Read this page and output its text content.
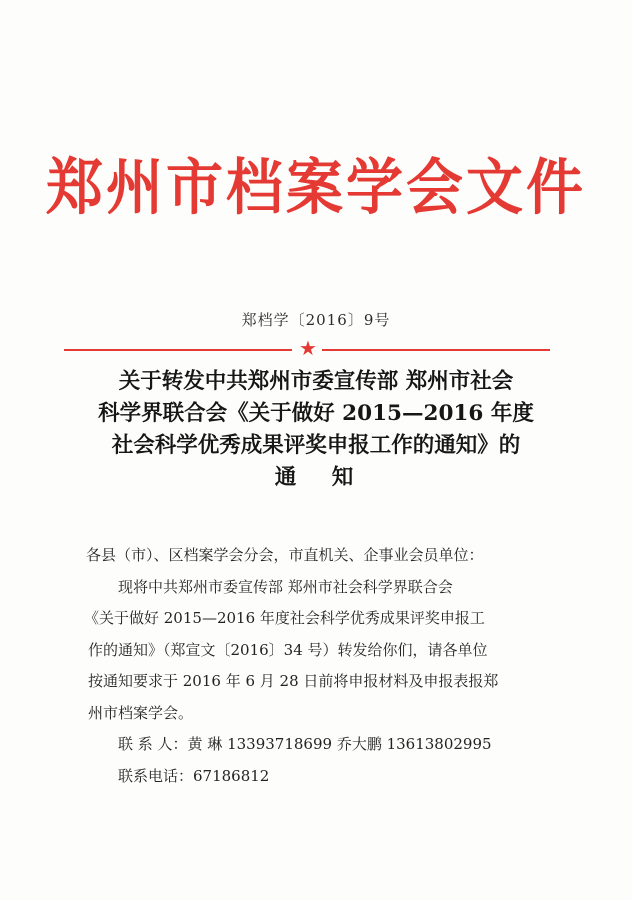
郑州市档案学会文件
郑档学〔2016〕9号
★
关于转发中共郑州市委宣传部 郑州市社会
科学界联合会《关于做好 2015—2016 年度
社会科学优秀成果评奖申报工作的通知》的
通 知
各县（市）、区档案学会分会，市直机关、企事业会员单位：
现将中共郑州市委宣传部 郑州市社会科学界联合会
《关于做好 2015—2016 年度社会科学优秀成果评奖申报工
作的通知》（郑宣文〔2016〕34 号）转发给你们，请各单位
按通知要求于 2016 年 6 月 28 日前将申报材料及申报表报郑
州市档案学会。
联 系 人：黄 琳 13393718699 乔大鹏 13613802995
联系电话：67186812
